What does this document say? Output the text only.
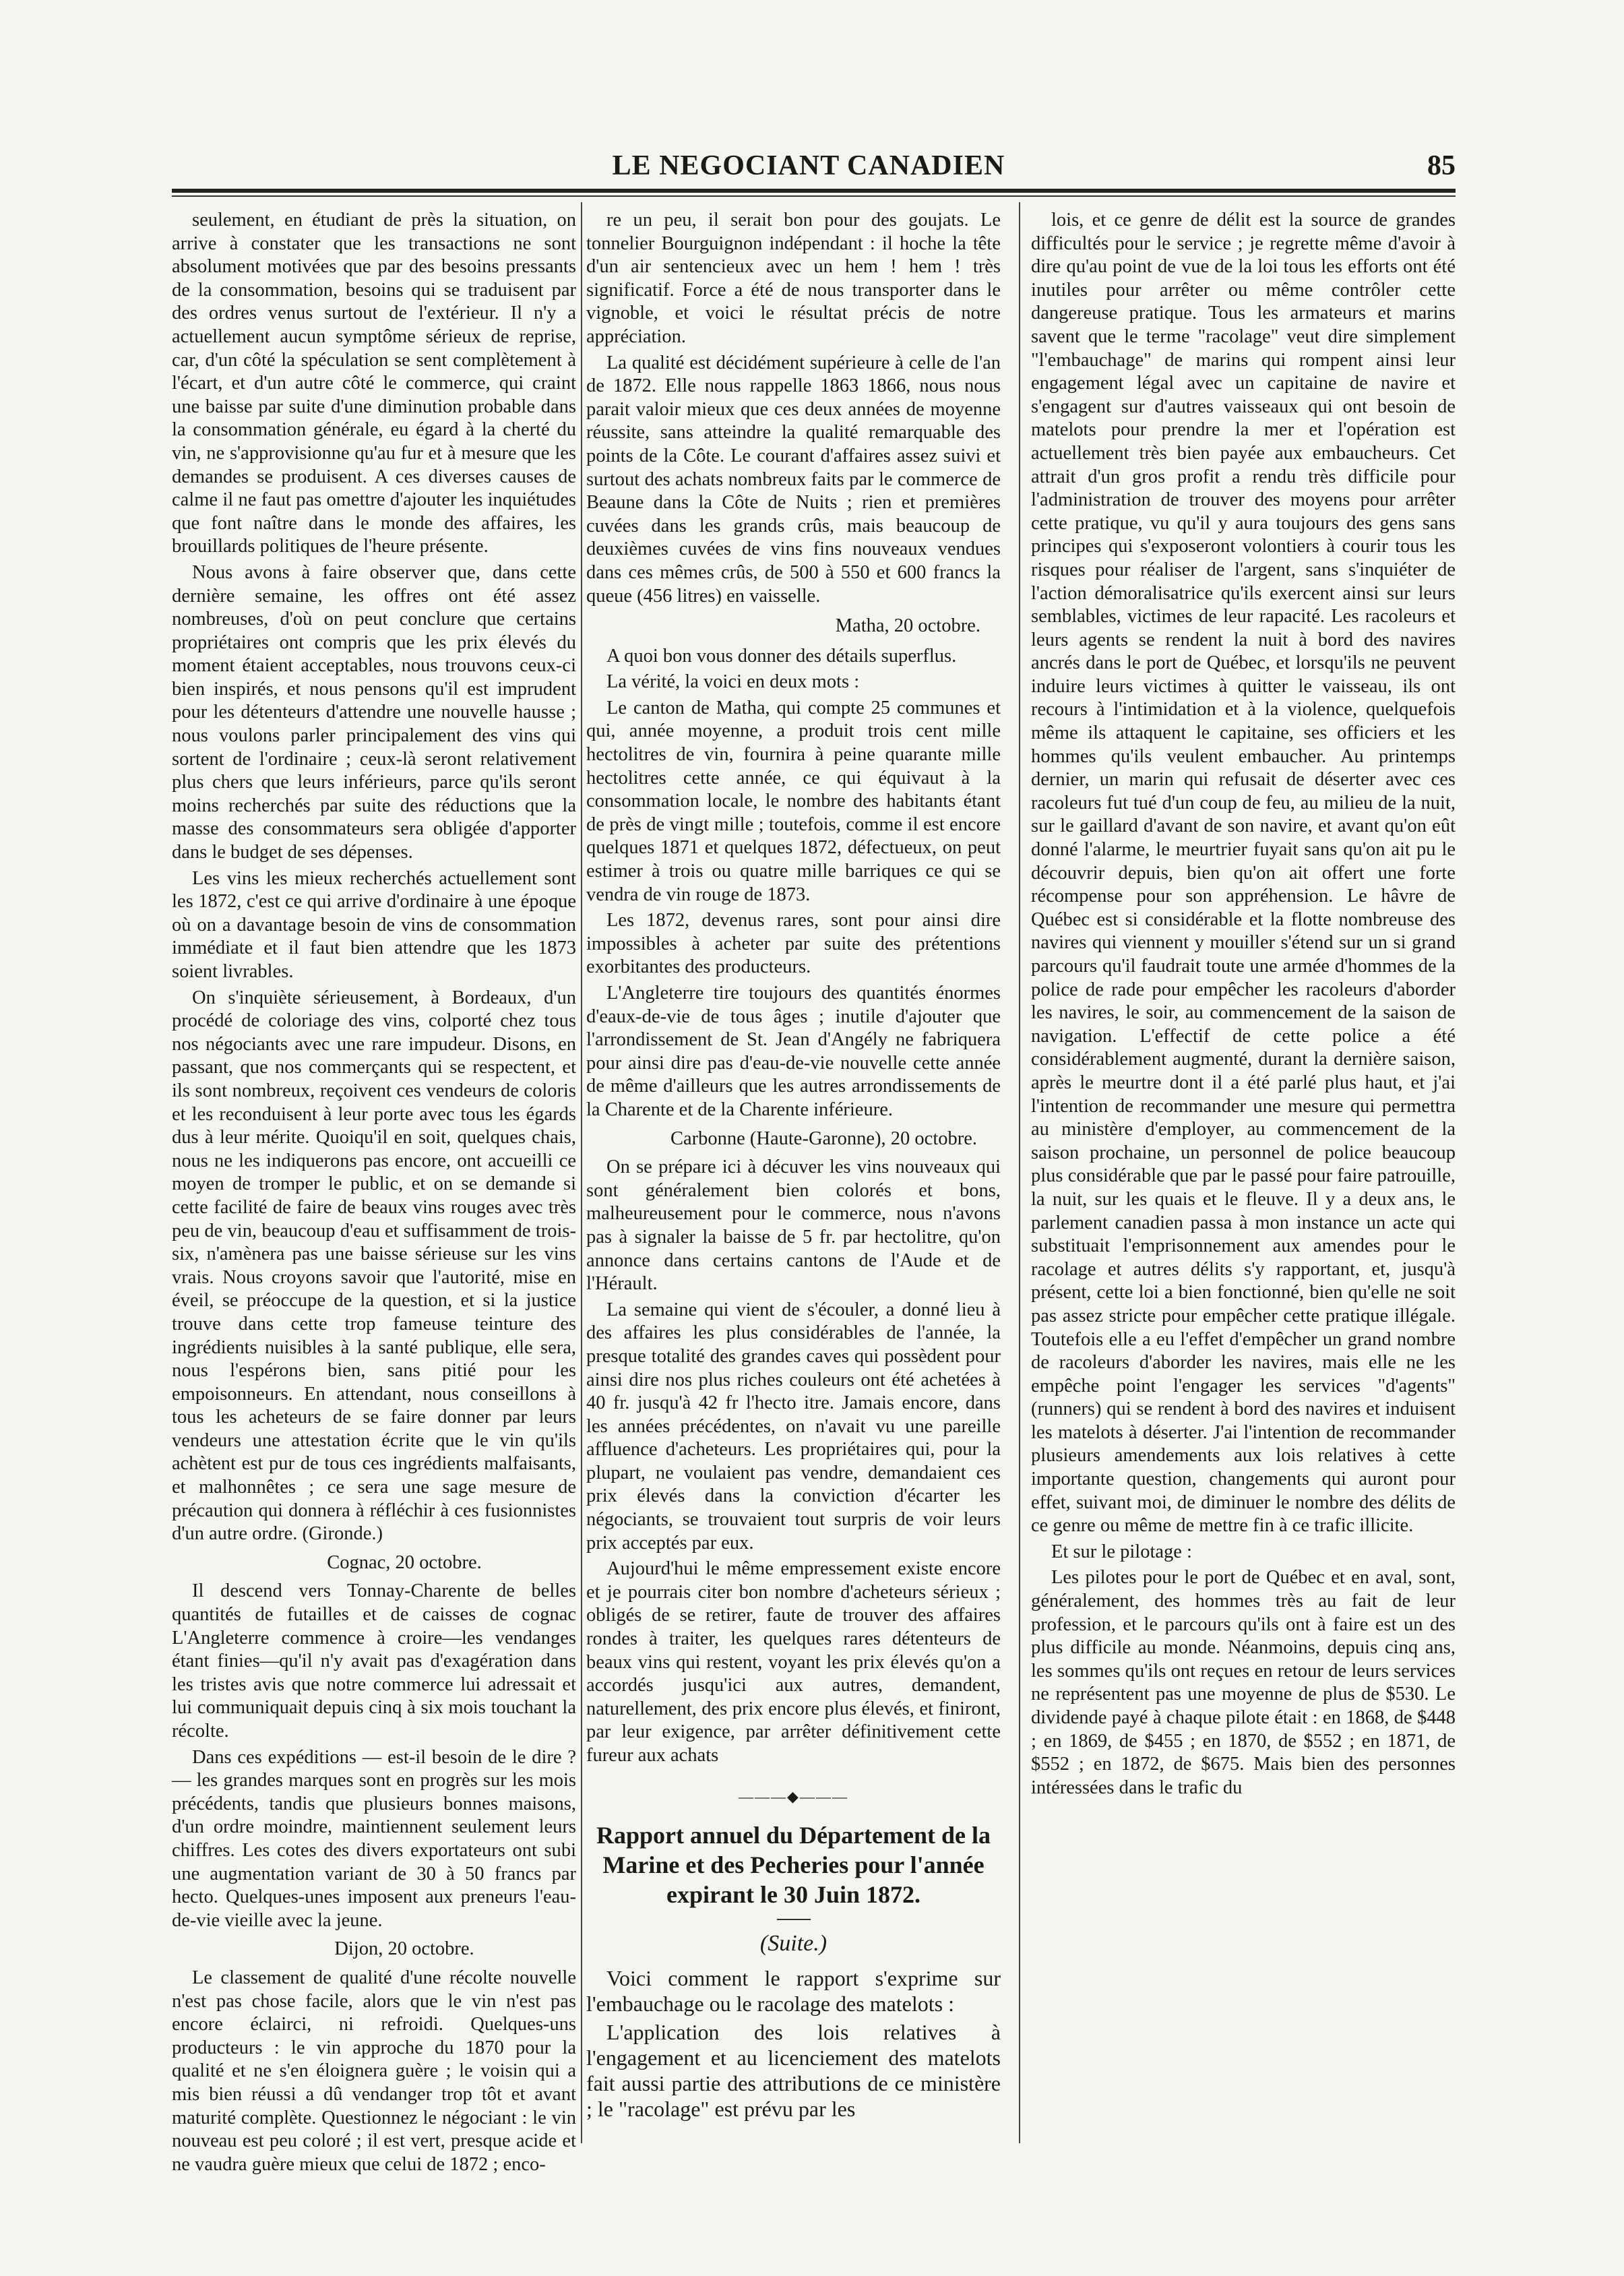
LE NEGOCIANT CANADIEN	85

seulement, en étudiant de près la situation, on arrive à constater que les transactions ne sont absolument motivées que par des besoins pressants de la consommation, besoins qui se traduisent par des ordres venus surtout de l'extérieur. Il n'y a actuellement aucun symptôme sérieux de reprise, car, d'un côté la spéculation se sent complètement à l'écart, et d'un autre côté le commerce, qui craint une baisse par suite d'une diminution probable dans la consommation générale, eu égard à la cherté du vin, ne s'approvisionne qu'au fur et à mesure que les demandes se produisent. A ces diverses causes de calme il ne faut pas omettre d'ajouter les inquiétudes que font naître dans le monde des affaires, les brouillards politiques de l'heure présente.

Nous avons à faire observer que, dans cette dernière semaine, les offres ont été assez nombreuses, d'où on peut conclure que certains propriétaires ont compris que les prix élevés du moment étaient acceptables, nous trouvons ceux-ci bien inspirés, et nous pensons qu'il est imprudent pour les détenteurs d'attendre une nouvelle hausse ; nous voulons parler principalement des vins qui sortent de l'ordinaire ; ceux-là seront relativement plus chers que leurs inférieurs, parce qu'ils seront moins recherchés par suite des réductions que la masse des consommateurs sera obligée d'apporter dans le budget de ses dépenses.

Les vins les mieux recherchés actuellement sont les 1872, c'est ce qui arrive d'ordinaire à une époque où on a davantage besoin de vins de consommation immédiate et il faut bien attendre que les 1873 soient livrables.

On s'inquiète sérieusement, à Bordeaux, d'un procédé de coloriage des vins, colporté chez tous nos négociants avec une rare impudeur. Disons, en passant, que nos commerçants qui se respectent, et ils sont nombreux, reçoivent ces vendeurs de coloris et les reconduisent à leur porte avec tous les égards dus à leur mérite. Quoiqu'il en soit, quelques chais, nous ne les indiquerons pas encore, ont accueilli ce moyen de tromper le public, et on se demande si cette facilité de faire de beaux vins rouges avec très peu de vin, beaucoup d'eau et suffisamment de trois-six, n'amènera pas une baisse sérieuse sur les vins vrais. Nous croyons savoir que l'autorité, mise en éveil, se préoccupe de la question, et si la justice trouve dans cette trop fameuse teinture des ingrédients nuisibles à la santé publique, elle sera, nous l'espérons bien, sans pitié pour les empoisonneurs. En attendant, nous conseillons à tous les acheteurs de se faire donner par leurs vendeurs une attestation écrite que le vin qu'ils achètent est pur de tous ces ingrédients malfaisants, et malhonnêtes ; ce sera une sage mesure de précaution qui donnera à réfléchir à ces fusionnistes d'un autre ordre. (Gironde.)

Cognac, 20 octobre.

Il descend vers Tonnay-Charente de belles quantités de futailles et de caisses de cognac L'Angleterre commence à croire—les vendanges étant finies—qu'il n'y avait pas d'exagération dans les tristes avis que notre commerce lui adressait et lui communiquait depuis cinq à six mois touchant la récolte.

Dans ces expéditions — est-il besoin de le dire ? — les grandes marques sont en progrès sur les mois précédents, tandis que plusieurs bonnes maisons, d'un ordre moindre, maintiennent seulement leurs chiffres. Les cotes des divers exportateurs ont subi une augmentation variant de 30 à 50 francs par hecto. Quelques-unes imposent aux preneurs l'eau-de-vie vieille avec la jeune.

Dijon, 20 octobre.

Le classement de qualité d'une récolte nouvelle n'est pas chose facile, alors que le vin n'est pas encore éclairci, ni refroidi. Quelques-uns producteurs : le vin approche du 1870 pour la qualité et ne s'en éloignera guère ; le voisin qui a mis bien réussi a dû vendanger trop tôt et avant maturité complète. Questionnez le négociant : le vin nouveau est peu coloré ; il est vert, presque acide et ne vaudra guère mieux que celui de 1872 ; enco-

re un peu, il serait bon pour des goujats. Le tonnelier Bourguignon indépendant : il hoche la tête d'un air sentencieux avec un hem ! hem ! très significatif. Force a été de nous transporter dans le vignoble, et voici le résultat précis de notre appréciation.

La qualité est décidément supérieure à celle de l'an de 1872. Elle nous rappelle 1863 1866, nous nous parait valoir mieux que ces deux années de moyenne réussite, sans atteindre la qualité remarquable des points de la Côte. Le courant d'affaires assez suivi et surtout des achats nombreux faits par le commerce de Beaune dans la Côte de Nuits ; rien et premières cuvées dans les grands crûs, mais beaucoup de deuxièmes cuvées de vins fins nouveaux vendues dans ces mêmes crûs, de 500 à 550 et 600 francs la queue (456 litres) en vaisselle.

Matha, 20 octobre.

A quoi bon vous donner des détails superflus.

La vérité, la voici en deux mots :

Le canton de Matha, qui compte 25 communes et qui, année moyenne, a produit trois cent mille hectolitres de vin, fournira à peine quarante mille hectolitres cette année, ce qui équivaut à la consommation locale, le nombre des habitants étant de près de vingt mille ; toutefois, comme il est encore quelques 1871 et quelques 1872, défectueux, on peut estimer à trois ou quatre mille barriques ce qui se vendra de vin rouge de 1873.

Les 1872, devenus rares, sont pour ainsi dire impossibles à acheter par suite des prétentions exorbitantes des producteurs.

L'Angleterre tire toujours des quantités énormes d'eaux-de-vie de tous âges ; inutile d'ajouter que l'arrondissement de St. Jean d'Angély ne fabriquera pour ainsi dire pas d'eau-de-vie nouvelle cette année de même d'ailleurs que les autres arrondissements de la Charente et de la Charente inférieure.

Carbonne (Haute-Garonne), 20 octobre.

On se prépare ici à décuver les vins nouveaux qui sont généralement bien colorés et bons, malheureusement pour le commerce, nous n'avons pas à signaler la baisse de 5 fr. par hectolitre, qu'on annonce dans certains cantons de l'Aude et de l'Hérault.

La semaine qui vient de s'écouler, a donné lieu à des affaires les plus considérables de l'année, la presque totalité des grandes caves qui possèdent pour ainsi dire nos plus riches couleurs ont été achetées à 40 fr. jusqu'à 42 fr l'hecto itre. Jamais encore, dans les années précédentes, on n'avait vu une pareille affluence d'acheteurs. Les propriétaires qui, pour la plupart, ne voulaient pas vendre, demandaient ces prix élevés dans la conviction d'écarter les négociants, se trouvaient tout surpris de voir leurs prix acceptés par eux.

Aujourd'hui le même empressement existe encore et je pourrais citer bon nombre d'acheteurs sérieux ; obligés de se retirer, faute de trouver des affaires rondes à traiter, les quelques rares détenteurs de beaux vins qui restent, voyant les prix élevés qu'on a accordés jusqu'ici aux autres, demandent, naturellement, des prix encore plus élevés, et finiront, par leur exigence, par arrêter définitivement cette fureur aux achats

———◆———
Rapport annuel du Département de la Marine et des Pecheries pour l'année expirant le 30 Juin 1872.
(Suite.)

Voici comment le rapport s'exprime sur l'embauchage ou le racolage des matelots :

L'application des lois relatives à l'engagement et au licenciement des matelots fait aussi partie des attributions de ce ministère ; le "racolage" est prévu par les

lois, et ce genre de délit est la source de grandes difficultés pour le service ; je regrette même d'avoir à dire qu'au point de vue de la loi tous les efforts ont été inutiles pour arrêter ou même contrôler cette dangereuse pratique. Tous les armateurs et marins savent que le terme "racolage" veut dire simplement "l'embauchage" de marins qui rompent ainsi leur engagement légal avec un capitaine de navire et s'engagent sur d'autres vaisseaux qui ont besoin de matelots pour prendre la mer et l'opération est actuellement très bien payée aux embaucheurs. Cet attrait d'un gros profit a rendu très difficile pour l'administration de trouver des moyens pour arrêter cette pratique, vu qu'il y aura toujours des gens sans principes qui s'exposeront volontiers à courir tous les risques pour réaliser de l'argent, sans s'inquiéter de l'action démoralisatrice qu'ils exercent ainsi sur leurs semblables, victimes de leur rapacité. Les racoleurs et leurs agents se rendent la nuit à bord des navires ancrés dans le port de Québec, et lorsqu'ils ne peuvent induire leurs victimes à quitter le vaisseau, ils ont recours à l'intimidation et à la violence, quelquefois même ils attaquent le capitaine, ses officiers et les hommes qu'ils veulent embaucher. Au printemps dernier, un marin qui refusait de déserter avec ces racoleurs fut tué d'un coup de feu, au milieu de la nuit, sur le gaillard d'avant de son navire, et avant qu'on eût donné l'alarme, le meurtrier fuyait sans qu'on ait pu le découvrir depuis, bien qu'on ait offert une forte récompense pour son appréhension. Le hâvre de Québec est si considérable et la flotte nombreuse des navires qui viennent y mouiller s'étend sur un si grand parcours qu'il faudrait toute une armée d'hommes de la police de rade pour empêcher les racoleurs d'aborder les navires, le soir, au commencement de la saison de navigation. L'effectif de cette police a été considérablement augmenté, durant la dernière saison, après le meurtre dont il a été parlé plus haut, et j'ai l'intention de recommander une mesure qui permettra au ministère d'employer, au commencement de la saison prochaine, un personnel de police beaucoup plus considérable que par le passé pour faire patrouille, la nuit, sur les quais et le fleuve. Il y a deux ans, le parlement canadien passa à mon instance un acte qui substituait l'emprisonnement aux amendes pour le racolage et autres délits s'y rapportant, et, jusqu'à présent, cette loi a bien fonctionné, bien qu'elle ne soit pas assez stricte pour empêcher cette pratique illégale. Toutefois elle a eu l'effet d'empêcher un grand nombre de racoleurs d'aborder les navires, mais elle ne les empêche point l'engager les services "d'agents" (runners) qui se rendent à bord des navires et induisent les matelots à déserter. J'ai l'intention de recommander plusieurs amendements aux lois relatives à cette importante question, changements qui auront pour effet, suivant moi, de diminuer le nombre des délits de ce genre ou même de mettre fin à ce trafic illicite.

Et sur le pilotage :

Les pilotes pour le port de Québec et en aval, sont, généralement, des hommes très au fait de leur profession, et le parcours qu'ils ont à faire est un des plus difficile au monde. Néanmoins, depuis cinq ans, les sommes qu'ils ont reçues en retour de leurs services ne représentent pas une moyenne de plus de $530. Le dividende payé à chaque pilote était : en 1868, de $448 ; en 1869, de $455 ; en 1870, de $552 ; en 1871, de $552 ; en 1872, de $675. Mais bien des personnes intéressées dans le trafic du
